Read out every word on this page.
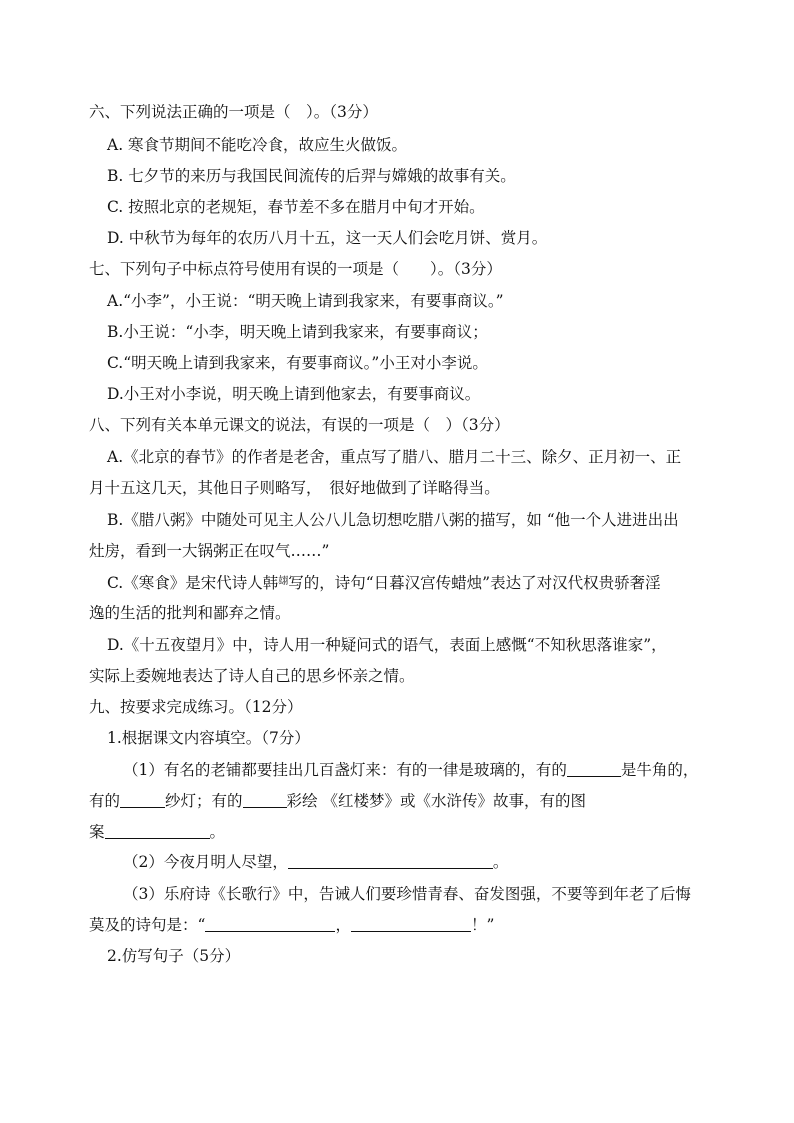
六、下列说法正确的一项是（　）。（3分）
A. 寒食节期间不能吃冷食，故应生火做饭。
B. 七夕节的来历与我国民间流传的后羿与嫦娥的故事有关。
C. 按照北京的老规矩，春节差不多在腊月中旬才开始。
D. 中秋节为每年的农历八月十五，这一天人们会吃月饼、赏月。
七、下列句子中标点符号使用有误的一项是（　　）。（3分）
A.“小李”，小王说：“明天晚上请到我家来，有要事商议。”
B.小王说：“小李，明天晚上请到我家来，有要事商议；
C.“明天晚上请到我家来，有要事商议。”小王对小李说。
D.小王对小李说，明天晚上请到他家去，有要事商议。
八、下列有关本单元课文的说法，有误的一项是（　）（3分）
A.《北京的春节》的作者是老舍，重点写了腊八、腊月二十三、除夕、正月初一、正
月十五这几天，其他日子则略写，　很好地做到了详略得当。
B.《腊八粥》中随处可见主人公八儿急切想吃腊八粥的描写，如 “他一个人进进出出
灶房，看到一大锅粥正在叹气……”
C.《寒食》是宋代诗人韩$^翃$写的，诗句“日暮汉宫传蜡烛”表达了对汉代权贵骄奢淫
逸的生活的批判和鄙弃之情。
D.《十五夜望月》中，诗人用一种疑问式的语气，表面上感慨“不知秋思落谁家”，
实际上委婉地表达了诗人自己的思乡怀亲之情。
九、按要求完成练习。（12分）
1.根据课文内容填空。（7分）
（1）有名的老铺都要挂出几百盏灯来：有的一律是玻璃的，有的	是牛角的，
有的	纱灯；有的	彩绘 《红楼梦》或《水浒传》故事，有的图
案	。
（2）今夜月明人尽望，	。
（3）乐府诗《长歌行》中，告诫人们要珍惜青春、奋发图强，不要等到年老了后悔
莫及的诗句是：“	，	！”
2.仿写句子（5分）
